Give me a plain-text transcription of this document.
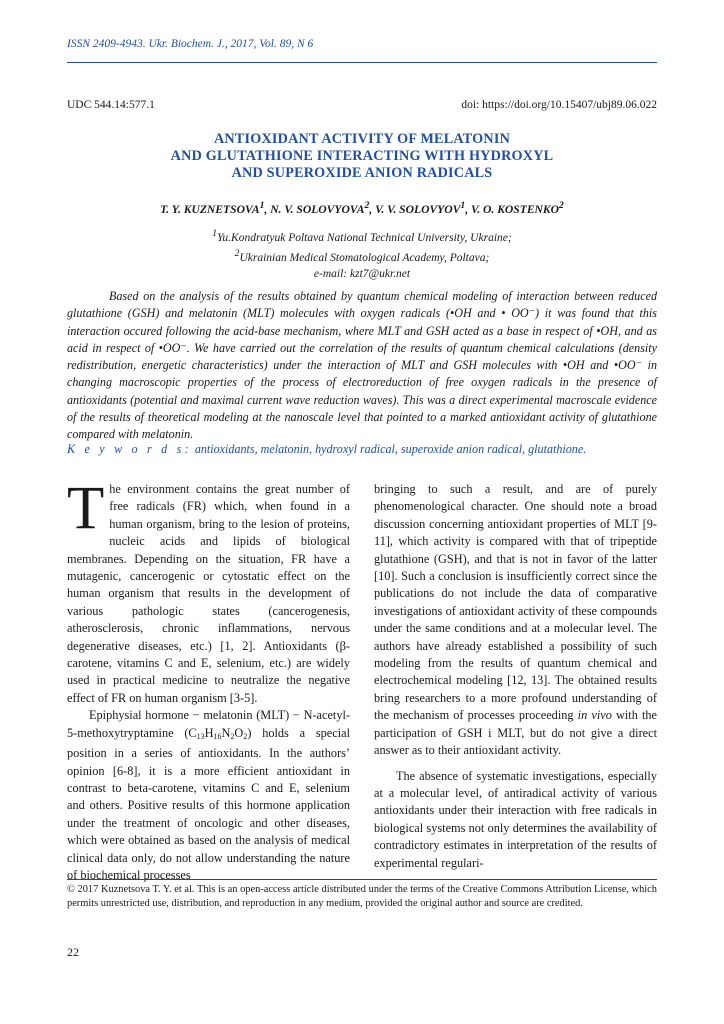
ISSN 2409-4943. Ukr. Biochem. J., 2017, Vol. 89, N 6
UDC 544.14:577.1	doi: https://doi.org/10.15407/ubj89.06.022
ANTIOXIDANT ACTIVITY OF MELATONIN
AND GLUTATHIONE INTERACTING WITH HYDROXYL
AND SUPEROXIDE ANION RADICALS
T. Y. KUZNETSOVA$^1$, N. V. SOLOVYOVA$^2$, V. V. SOLOVYOV$^1$, V. O. KOSTENKO$^2$
$^1$Yu.Kondratyuk Poltava National Technical University, Ukraine;
$^2$Ukrainian Medical Stomatological Academy, Poltava;
e-mail: kzt7@ukr.net
Based on the analysis of the results obtained by quantum chemical modeling of interaction between reduced glutathione (GSH) and melatonin (MLT) molecules with oxygen radicals (•OH and • OO⁻) it was found that this interaction occured following the acid-base mechanism, where MLT and GSH acted as a base in respect of •OH, and as acid in respect of •OO⁻. We have carried out the correlation of the results of quantum chemical calculations (density redistribution, energetic characteristics) under the interaction of MLT and GSH molecules with •OH and •OO⁻ in changing macroscopic properties of the process of electroreduction of free oxygen radicals in the presence of antioxidants (potential and maximal current wave reduction waves). This was a direct experimental macroscale evidence of the results of theoretical modeling at the nanoscale level that pointed to a marked antioxidant activity of glutathione compared with melatonin.
K e y w o r d s: antioxidants, melatonin, hydroxyl radical, superoxide anion radical, glutathione.

The environment contains the great number of free radicals (FR) which, when found in a human organism, bring to the lesion of proteins, nucleic acids and lipids of biological membranes. Depending on the situation, FR have a mutagenic, cancerogenic or cytostatic effect on the human organism that results in the development of various pathologic states (cancerogenesis, atherosclerosis, chronic inflammations, nervous degenerative diseases, etc.) [1, 2]. Antioxidants (β-carotene, vitamins C and E, selenium, etc.) are widely used in practical medicine to neutralize the negative effect of FR on human organism [3-5].

Epiphysial hormone − melatonin (MLT) − N-acetyl-5-methoxytryptamine $(C_{13}H_{16}N_2O_2)$ holds a special position in a series of antioxidants. In the authors’ opinion [6-8], it is a more efficient antioxidant in contrast to beta-carotene, vitamins C and E, selenium and others. Positive results of this hormone application under the treatment of oncologic and other diseases, which were obtained as based on the analysis of medical clinical data only, do not allow understanding the nature of biochemical processes

bringing to such a result, and are of purely phenomenological character. One should note a broad discussion concerning antioxidant properties of MLT [9-11], which activity is compared with that of tripeptide glutathione (GSH), and that is not in favor of the latter [10]. Such a conclusion is insufficiently correct since the publications do not include the data of comparative investigations of antioxidant activity of these compounds under the same conditions and at a molecular level. The authors have already established a possibility of such modeling from the results of quantum chemical and electrochemical modeling [12, 13]. The obtained results bring researchers to a more profound understanding of the mechanism of processes proceeding in vivo with the participation of GSH i MLT, but do not give a direct answer as to their antioxidant activity.

The absence of systematic investigations, especially at a molecular level, of antiradical activity of various antioxidants under their interaction with free radicals in biological systems not only determines the availability of contradictory estimates in interpretation of the results of experimental regulari-

© 2017 Kuznetsova T. Y. et al. This is an open-access article distributed under the terms of the Creative Commons Attribution License, which permits unrestricted use, distribution, and reproduction in any medium, provided the original author and source are credited.
22
